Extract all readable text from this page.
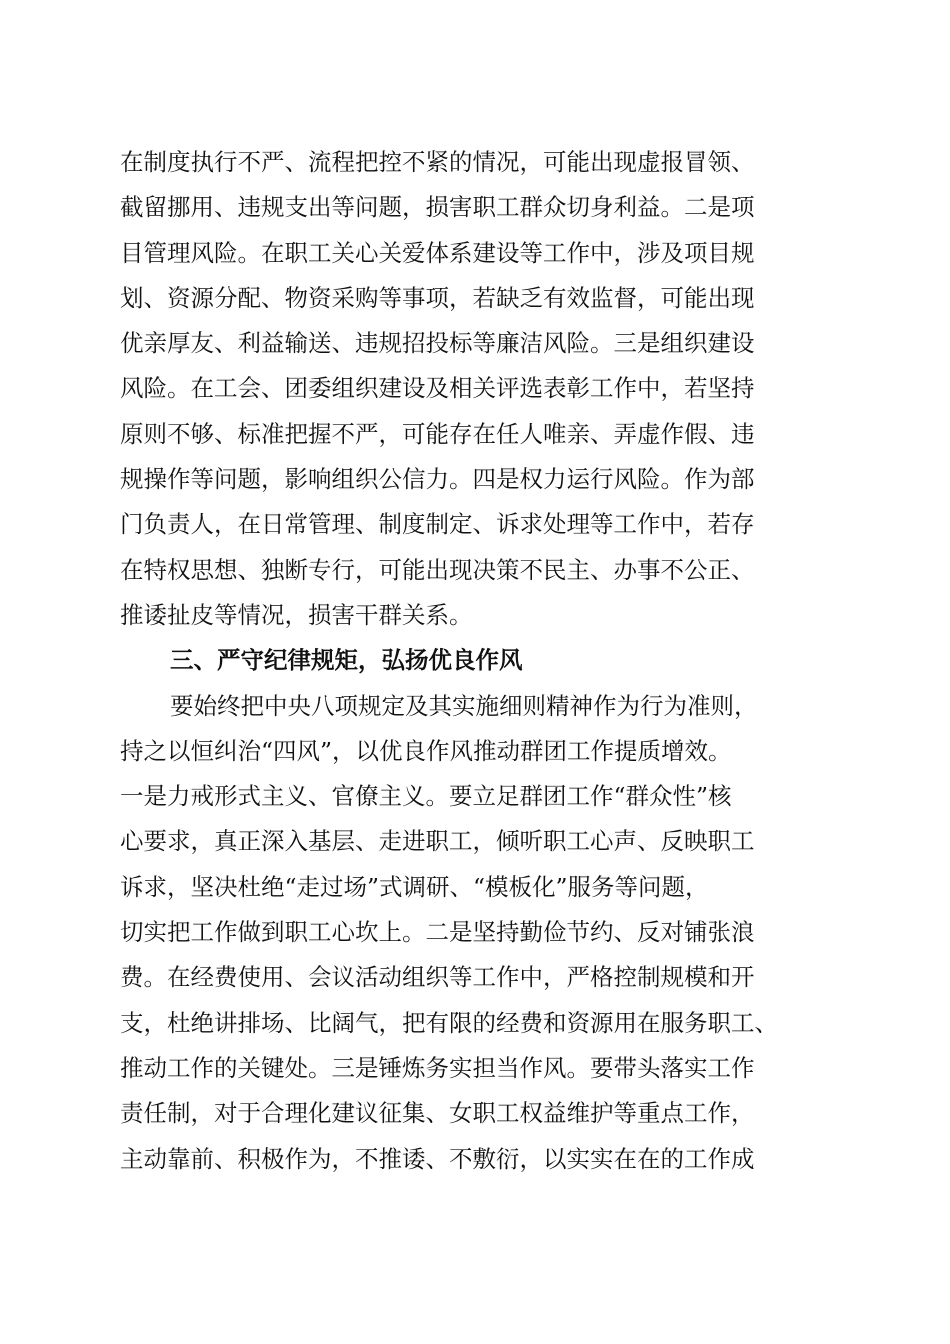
在制度执行不严、流程把控不紧的情况，可能出现虚报冒领、
截留挪用、违规支出等问题，损害职工群众切身利益。二是项
目管理风险。在职工关心关爱体系建设等工作中，涉及项目规
划、资源分配、物资采购等事项，若缺乏有效监督，可能出现
优亲厚友、利益输送、违规招投标等廉洁风险。三是组织建设
风险。在工会、团委组织建设及相关评选表彰工作中，若坚持
原则不够、标准把握不严，可能存在任人唯亲、弄虚作假、违
规操作等问题，影响组织公信力。四是权力运行风险。作为部
门负责人，在日常管理、制度制定、诉求处理等工作中，若存
在特权思想、独断专行，可能出现决策不民主、办事不公正、
推诿扯皮等情况，损害干群关系。
三、严守纪律规矩，弘扬优良作风
要始终把中央八项规定及其实施细则精神作为行为准则，
持之以恒纠治“四风”，以优良作风推动群团工作提质增效。
一是力戒形式主义、官僚主义。要立足群团工作“群众性”核
心要求，真正深入基层、走进职工，倾听职工心声、反映职工
诉求，坚决杜绝“走过场”式调研、“模板化”服务等问题，
切实把工作做到职工心坎上。二是坚持勤俭节约、反对铺张浪
费。在经费使用、会议活动组织等工作中，严格控制规模和开
支，杜绝讲排场、比阔气，把有限的经费和资源用在服务职工、
推动工作的关键处。三是锤炼务实担当作风。要带头落实工作
责任制，对于合理化建议征集、女职工权益维护等重点工作，
主动靠前、积极作为，不推诿、不敷衍，以实实在在的工作成
